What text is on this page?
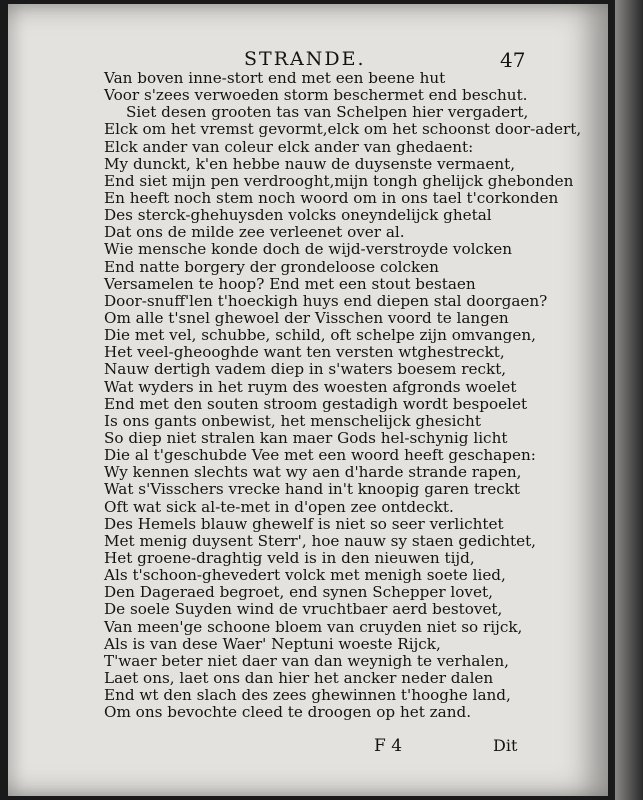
STRANDE.	47
Van boven inne-stort end met een beene hut
Voor s'zees verwoeden storm beschermet end beschut.
Siet desen grooten tas van Schelpen hier vergadert,
Elck om het vremst gevormt,elck om het schoonst door-adert,
Elck ander van coleur elck ander van ghedaent:
My dunckt, k'en hebbe nauw de duysenste vermaent,
End siet mijn pen verdrooght,mijn tongh ghelijck ghebonden
En heeft noch stem noch woord om in ons tael t'corkonden
Des sterck-ghehuysden volcks oneyndelijck ghetal
Dat ons de milde zee verleenet over al.
Wie mensche konde doch de wijd-verstroyde volcken
End natte borgery der grondeloose colcken
Versamelen te hoop? End met een stout bestaen
Door-snuff'len t'hoeckigh huys end diepen stal doorgaen?
Om alle t'snel ghewoel der Visschen voord te langen
Die met vel, schubbe, schild, oft schelpe zijn omvangen,
Het veel-gheooghde want ten versten wtghestreckt,
Nauw dertigh vadem diep in s'waters boesem reckt,
Wat wyders in het ruym des woesten afgronds woelet
End met den souten stroom gestadigh wordt bespoelet
Is ons gants onbewist, het menschelijck ghesicht
So diep niet stralen kan maer Gods hel-schynig licht
Die al t'geschubde Vee met een woord heeft geschapen:
Wy kennen slechts wat wy aen d'harde strande rapen,
Wat s'Visschers vrecke hand in't knoopig garen treckt
Oft wat sick al-te-met in d'open zee ontdeckt.
Des Hemels blauw ghewelf is niet so seer verlichtet
Met menig duysent Sterr', hoe nauw sy staen gedichtet,
Het groene-draghtig veld is in den nieuwen tijd,
Als t'schoon-ghevedert volck met menigh soete lied,
Den Dageraed begroet, end synen Schepper lovet,
De soele Suyden wind de vruchtbaer aerd bestovet,
Van meen'ge schoone bloem van cruyden niet so rijck,
Als is van dese Waer' Neptuni woeste Rijck,
T'waer beter niet daer van dan weynigh te verhalen,
Laet ons, laet ons dan hier het ancker neder dalen
End wt den slach des zees ghewinnen t'hooghe land,
Om ons bevochte cleed te droogen op het zand.
F 4	Dit
